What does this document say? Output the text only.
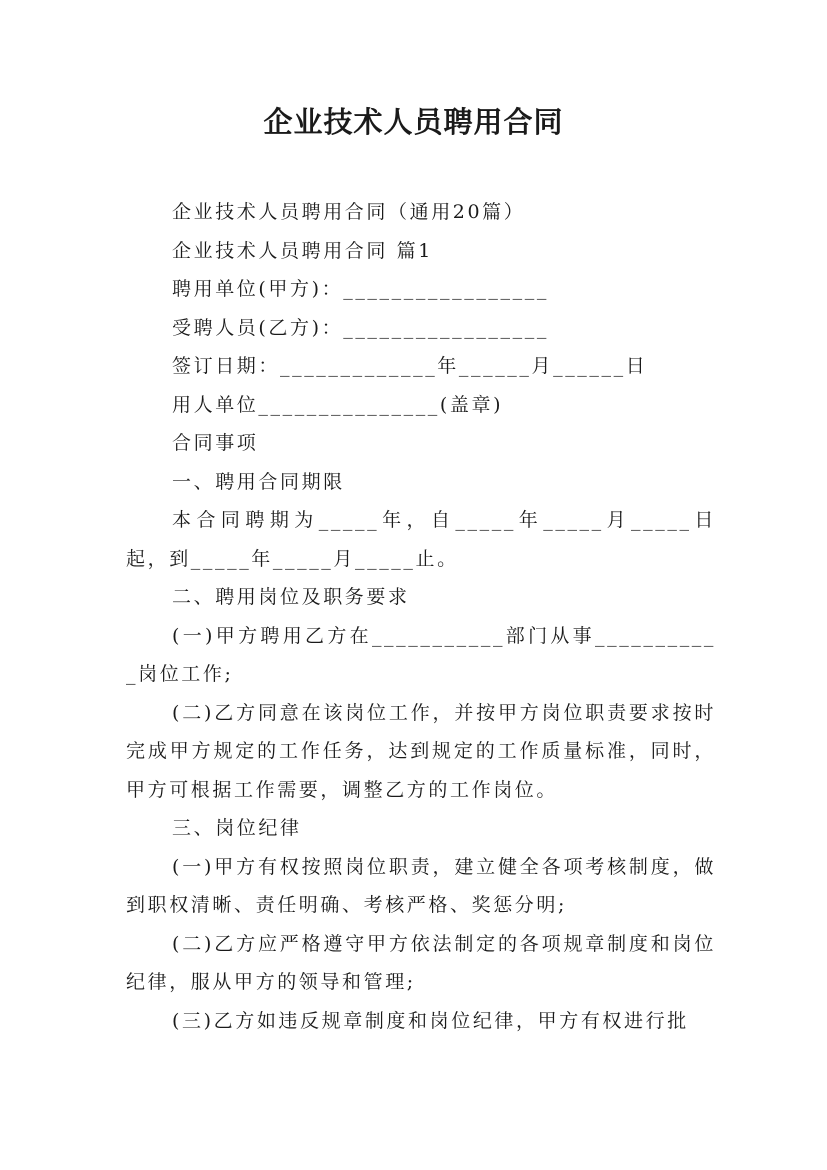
企业技术人员聘用合同

企业技术人员聘用合同（通用20篇）

企业技术人员聘用合同 篇1

聘用单位(甲方)：_________________

受聘人员(乙方)：_________________

签订日期：_____________年______月______日

用人单位_______________(盖章)

合同事项

一、聘用合同期限

本合同聘期为_____年，自_____年_____月_____日起，到_____年_____月_____止。

二、聘用岗位及职务要求

(一)甲方聘用乙方在___________部门从事___________岗位工作;

(二)乙方同意在该岗位工作，并按甲方岗位职责要求按时完成甲方规定的工作任务，达到规定的工作质量标准，同时，甲方可根据工作需要，调整乙方的工作岗位。

三、岗位纪律

(一)甲方有权按照岗位职责，建立健全各项考核制度，做到职权清晰、责任明确、考核严格、奖惩分明;

(二)乙方应严格遵守甲方依法制定的各项规章制度和岗位纪律，服从甲方的领导和管理;

(三)乙方如违反规章制度和岗位纪律，甲方有权进行批
